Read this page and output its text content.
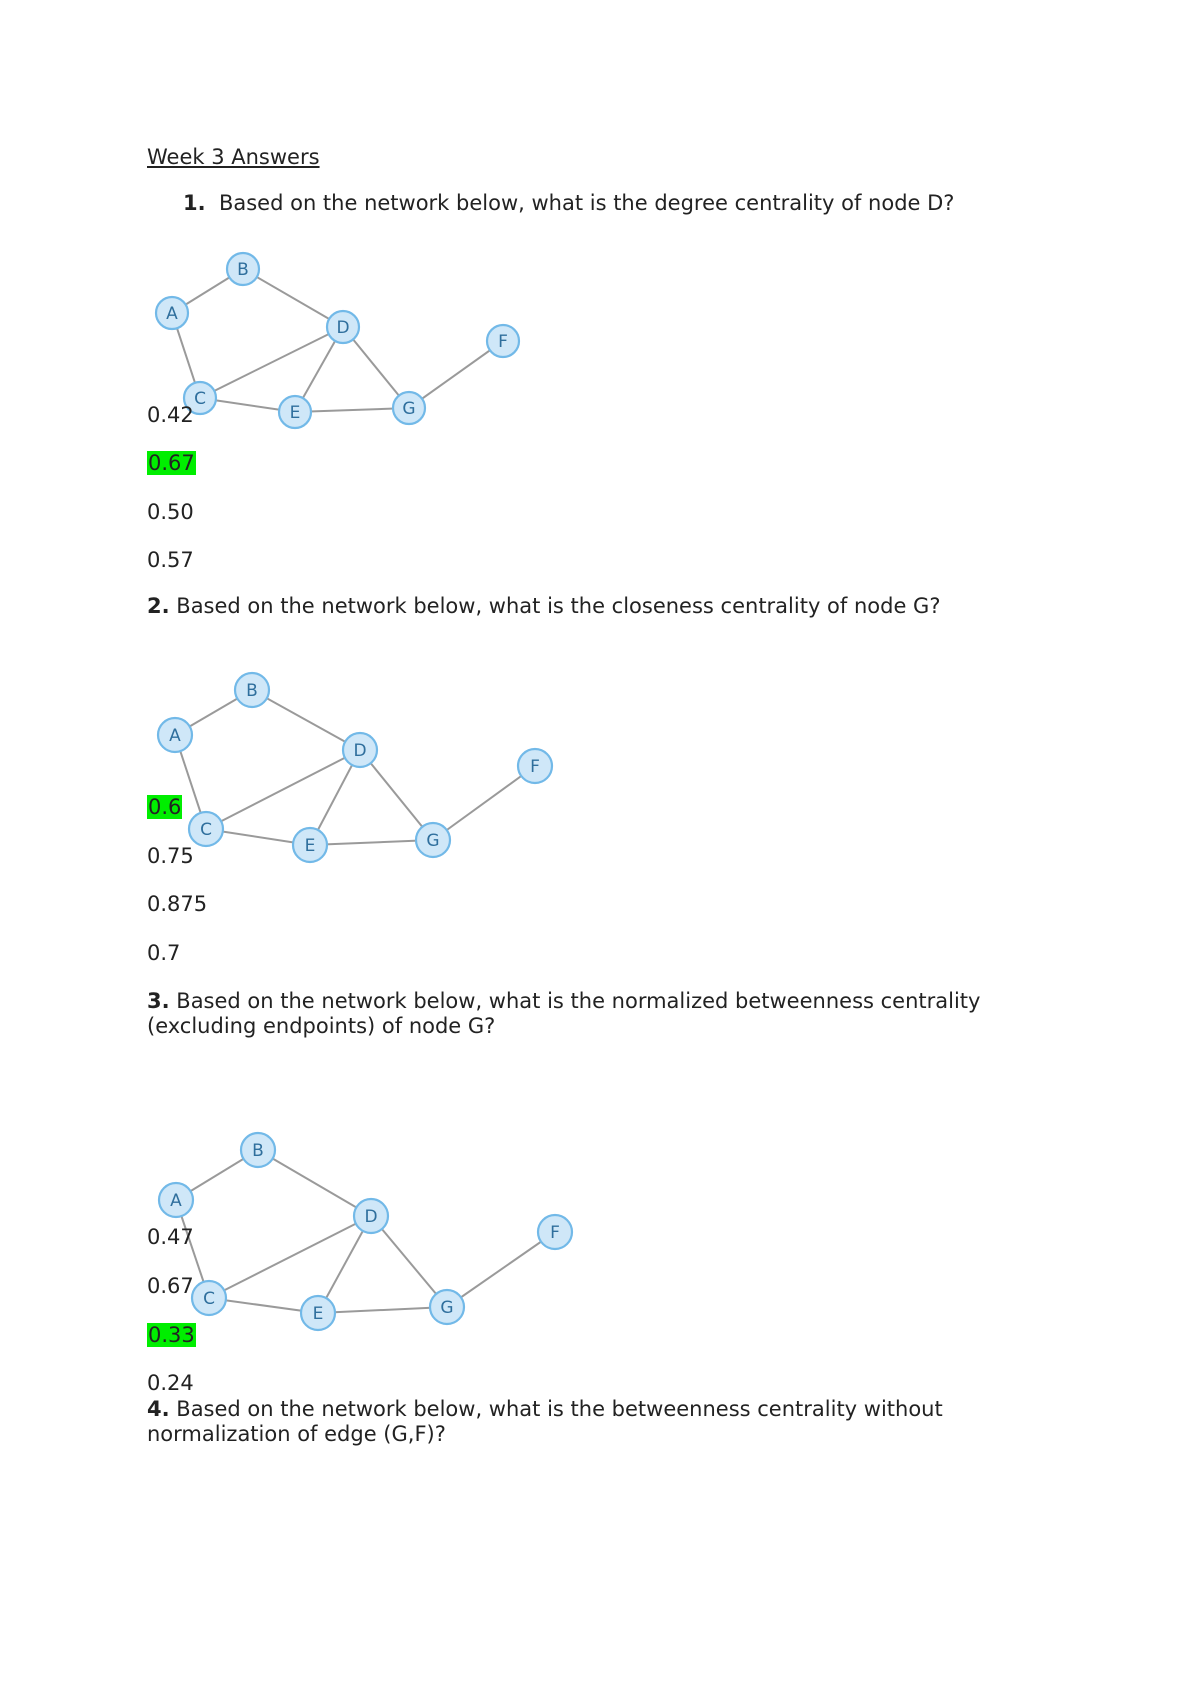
Week 3 Answers
1. Based on the network below, what is the degree centrality of node D?
A
B
C
D
E
F
G
A
B
C
D
E
F
G
A
B
C
D
E
F
G
0.42
0.67
0.50
0.57
2. Based on the network below, what is the closeness centrality of node G?
0.6
0.75
0.875
0.7
3. Based on the network below, what is the normalized betweenness centrality
(excluding endpoints) of node G?
0.47
0.67
0.33
0.24
4. Based on the network below, what is the betweenness centrality without
normalization of edge (G,F)?
